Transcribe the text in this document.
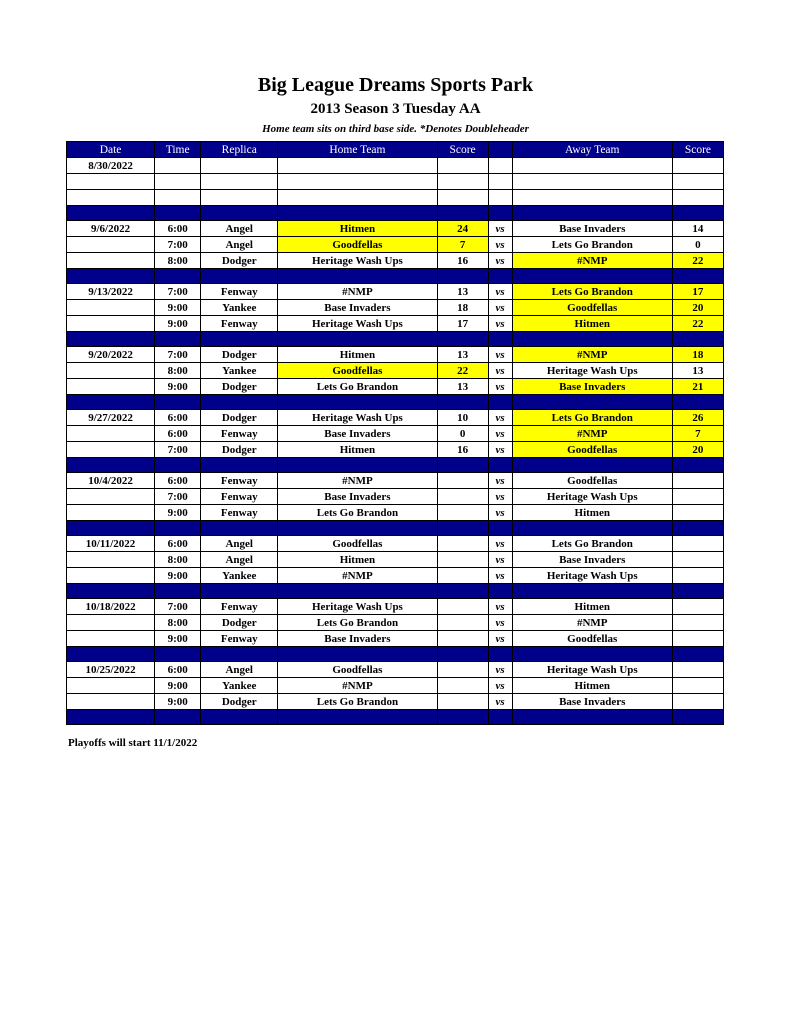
Big League Dreams Sports Park
2013 Season 3 Tuesday AA
Home team sits on third base side. *Denotes Doubleheader
Date	Time	Replica	Home Team	Score		Away Team	Score
8/30/2022							

9/6/2022	6:00	Angel	Hitmen	24	vs	Base Invaders	14
	7:00	Angel	Goodfellas	7	vs	Lets Go Brandon	0
	8:00	Dodger	Heritage Wash Ups	16	vs	#NMP	22

9/13/2022	7:00	Fenway	#NMP	13	vs	Lets Go Brandon	17
	9:00	Yankee	Base Invaders	18	vs	Goodfellas	20
	9:00	Fenway	Heritage Wash Ups	17	vs	Hitmen	22

9/20/2022	7:00	Dodger	Hitmen	13	vs	#NMP	18
	8:00	Yankee	Goodfellas	22	vs	Heritage Wash Ups	13
	9:00	Dodger	Lets Go Brandon	13	vs	Base Invaders	21

9/27/2022	6:00	Dodger	Heritage Wash Ups	10	vs	Lets Go Brandon	26
	6:00	Fenway	Base Invaders	0	vs	#NMP	7
	7:00	Dodger	Hitmen	16	vs	Goodfellas	20

10/4/2022	6:00	Fenway	#NMP		vs	Goodfellas	
	7:00	Fenway	Base Invaders		vs	Heritage Wash Ups	
	9:00	Fenway	Lets Go Brandon		vs	Hitmen	

10/11/2022	6:00	Angel	Goodfellas		vs	Lets Go Brandon	
	8:00	Angel	Hitmen		vs	Base Invaders	
	9:00	Yankee	#NMP		vs	Heritage Wash Ups	

10/18/2022	7:00	Fenway	Heritage Wash Ups		vs	Hitmen	
	8:00	Dodger	Lets Go Brandon		vs	#NMP	
	9:00	Fenway	Base Invaders		vs	Goodfellas	

10/25/2022	6:00	Angel	Goodfellas		vs	Heritage Wash Ups	
	9:00	Yankee	#NMP		vs	Hitmen	
	9:00	Dodger	Lets Go Brandon		vs	Base Invaders	

Playoffs will start 11/1/2022
